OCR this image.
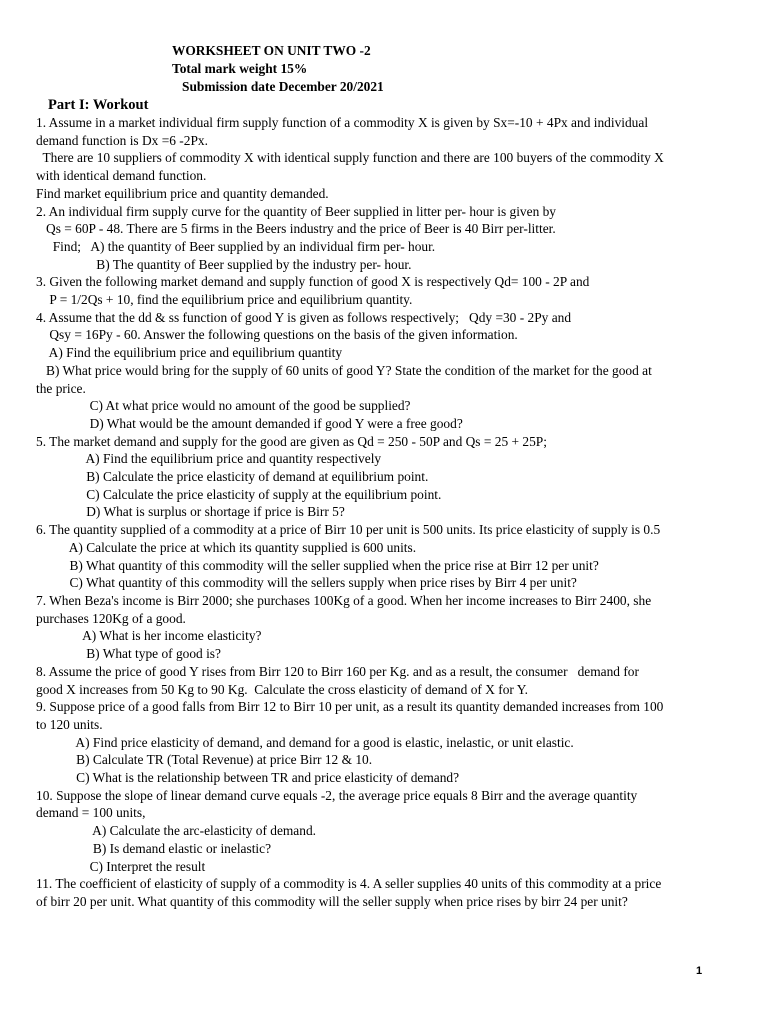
WORKSHEET ON UNIT TWO -2
Total mark weight 15%
Submission date December 20/2021
Part I: Workout
1. Assume in a market individual firm supply function of a commodity X is given by Sx=-10 + 4Px and individual
demand function is Dx =6 -2Px.
There are 10 suppliers of commodity X with identical supply function and there are 100 buyers of the commodity X
with identical demand function.
Find market equilibrium price and quantity demanded.
2. An individual firm supply curve for the quantity of Beer supplied in litter per- hour is given by
Qs = 60P - 48. There are 5 firms in the Beers industry and the price of Beer is 40 Birr per-litter.
Find;   A) the quantity of Beer supplied by an individual firm per- hour.
B) The quantity of Beer supplied by the industry per- hour.
3. Given the following market demand and supply function of good X is respectively Qd= 100 - 2P and
P = 1/2Qs + 10, find the equilibrium price and equilibrium quantity.
4. Assume that the dd & ss function of good Y is given as follows respectively;   Qdy =30 - 2Py and
Qsy = 16Py - 60. Answer the following questions on the basis of the given information.
A) Find the equilibrium price and equilibrium quantity
B) What price would bring for the supply of 60 units of good Y? State the condition of the market for the good at
the price.
C) At what price would no amount of the good be supplied?
D) What would be the amount demanded if good Y were a free good?
5. The market demand and supply for the good are given as Qd = 250 - 50P and Qs = 25 + 25P;
A) Find the equilibrium price and quantity respectively
B) Calculate the price elasticity of demand at equilibrium point.
C) Calculate the price elasticity of supply at the equilibrium point.
D) What is surplus or shortage if price is Birr 5?
6. The quantity supplied of a commodity at a price of Birr 10 per unit is 500 units. Its price elasticity of supply is 0.5
A) Calculate the price at which its quantity supplied is 600 units.
B) What quantity of this commodity will the seller supplied when the price rise at Birr 12 per unit?
C) What quantity of this commodity will the sellers supply when price rises by Birr 4 per unit?
7. When Beza's income is Birr 2000; she purchases 100Kg of a good. When her income increases to Birr 2400, she
purchases 120Kg of a good.
A) What is her income elasticity?
B) What type of good is?
8. Assume the price of good Y rises from Birr 120 to Birr 160 per Kg. and as a result, the consumer   demand for
good X increases from 50 Kg to 90 Kg.  Calculate the cross elasticity of demand of X for Y.
9. Suppose price of a good falls from Birr 12 to Birr 10 per unit, as a result its quantity demanded increases from 100
to 120 units.
A) Find price elasticity of demand, and demand for a good is elastic, inelastic, or unit elastic.
B) Calculate TR (Total Revenue) at price Birr 12 & 10.
C) What is the relationship between TR and price elasticity of demand?
10. Suppose the slope of linear demand curve equals -2, the average price equals 8 Birr and the average quantity
demand = 100 units,
A) Calculate the arc-elasticity of demand.
B) Is demand elastic or inelastic?
C) Interpret the result
11. The coefficient of elasticity of supply of a commodity is 4. A seller supplies 40 units of this commodity at a price
of birr 20 per unit. What quantity of this commodity will the seller supply when price rises by birr 24 per unit?
1
